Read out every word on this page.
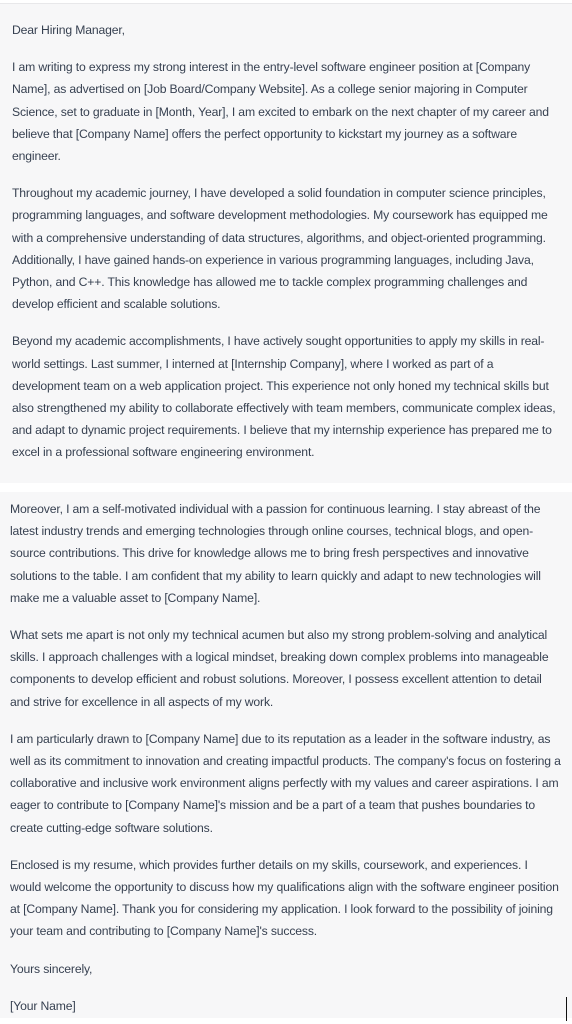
Dear Hiring Manager,

I am writing to express my strong interest in the entry-level software engineer position at [Company Name], as advertised on [Job Board/Company Website]. As a college senior majoring in Computer Science, set to graduate in [Month, Year], I am excited to embark on the next chapter of my career and believe that [Company Name] offers the perfect opportunity to kickstart my journey as a software engineer.

Throughout my academic journey, I have developed a solid foundation in computer science principles, programming languages, and software development methodologies. My coursework has equipped me with a comprehensive understanding of data structures, algorithms, and object-oriented programming. Additionally, I have gained hands-on experience in various programming languages, including Java, Python, and C++. This knowledge has allowed me to tackle complex programming challenges and develop efficient and scalable solutions.

Beyond my academic accomplishments, I have actively sought opportunities to apply my skills in real-world settings. Last summer, I interned at [Internship Company], where I worked as part of a development team on a web application project. This experience not only honed my technical skills but also strengthened my ability to collaborate effectively with team members, communicate complex ideas, and adapt to dynamic project requirements. I believe that my internship experience has prepared me to excel in a professional software engineering environment.

Moreover, I am a self-motivated individual with a passion for continuous learning. I stay abreast of the latest industry trends and emerging technologies through online courses, technical blogs, and open-source contributions. This drive for knowledge allows me to bring fresh perspectives and innovative solutions to the table. I am confident that my ability to learn quickly and adapt to new technologies will make me a valuable asset to [Company Name].

What sets me apart is not only my technical acumen but also my strong problem-solving and analytical skills. I approach challenges with a logical mindset, breaking down complex problems into manageable components to develop efficient and robust solutions. Moreover, I possess excellent attention to detail and strive for excellence in all aspects of my work.

I am particularly drawn to [Company Name] due to its reputation as a leader in the software industry, as well as its commitment to innovation and creating impactful products. The company's focus on fostering a collaborative and inclusive work environment aligns perfectly with my values and career aspirations. I am eager to contribute to [Company Name]'s mission and be a part of a team that pushes boundaries to create cutting-edge software solutions.

Enclosed is my resume, which provides further details on my skills, coursework, and experiences. I would welcome the opportunity to discuss how my qualifications align with the software engineer position at [Company Name]. Thank you for considering my application. I look forward to the possibility of joining your team and contributing to [Company Name]'s success.

Yours sincerely,

[Your Name]
